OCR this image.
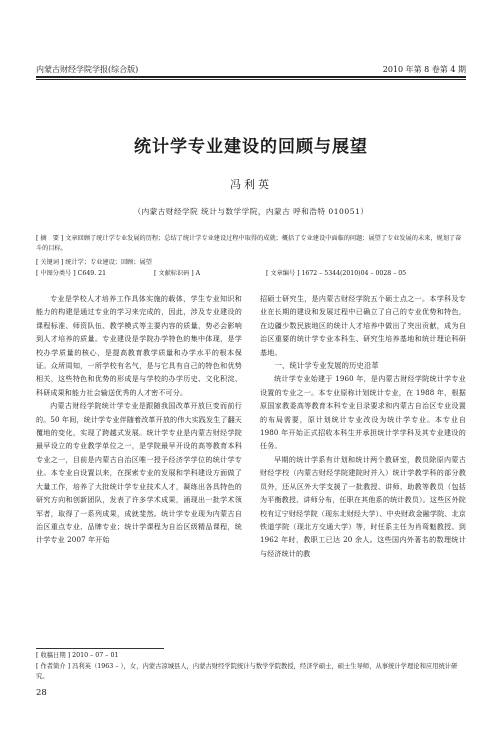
内蒙古财经学院学报(综合版)	2010 年第 8 卷第 4 期
统计学专业建设的回顾与展望
冯利英
（内蒙古财经学院 统计与数学学院，内蒙古 呼和浩特 010051）
[ 摘　要 ] 文章回顾了统计学专业发展的历程；总结了统计学专业建设过程中取得的成就；概括了专业建设中面临的问题；展望了专业发展的未来，规划了奋斗的目标。
[ 关键词 ] 统计学；专业建设；回顾；展望
[ 中图分类号 ] C649. 21	[ 文献标识码 ] A	[ 文章编号 ] 1672 – 5344(2010)04 – 0028 – 05

专业是学校人才培养工作具体实施的载体，学生专业知识和能力的构建是通过专业的学习来完成的，因此，涉及专业建设的课程标准、师资队伍、教学模式等主要内容的质量，势必会影响到人才培养的质量。专业建设是学院办学特色的集中体现，是学校办学质量的核心，是提高教育教学质量和办学水平的根本保证。众所周知，一所学校有名气，是与它具有自己的特色和优势相关，这些特色和优势的形成是与学校的办学历史、文化积淀、科研成果和能力社会输送优秀的人才密不可分。

内蒙古财经学院统计学专业是跟随我国改革开放巨变而前行的。50 年间，统计学专业伴随着改革开放的伟大实践发生了翻天覆地的变化，实现了跨越式发展。统计学专业是内蒙古财经学院最早设立的专业教学单位之一，是学院最早开设的高等教育本科专业之一，目前是内蒙古自治区唯一授予经济学学位的统计学专业。本专业自设置以来，在探索专业的发展和学科建设方面做了大量工作，培养了大批统计学专业技术人才，凝练出各具特色的研究方向和创新团队，发表了许多学术成果，涌现出一批学术领军者，取得了一系列成果，成就斐然。统计学专业现为内蒙古自治区重点专业、品牌专业；统计学课程为自治区级精品课程，统计学专业 2007 年开始

招硕士研究生，是内蒙古财经学院五个硕士点之一。本学科及专业在长期的建设和发展过程中已确立了自己的专业优势和特色，在边疆少数民族地区的统计人才培养中做出了突出贡献，成为自治区重要的统计学专业本科生、研究生培养基地和统计理论科研基地。

一、统计学专业发展的历史沿革

统计学专业始建于 1960 年，是内蒙古财经学院统计学专业设置的专业之一。本专业原称计划统计专业，在 1988 年，根据原国家教委高等教育本科专业目录要求和内蒙古自治区专业设置的布局需要，原计划统计专业改设为统计学专业。本专业自 1980 年开始正式招收本科生并承担统计学学科及其专业建设的任务。

早期的统计学系有计划和统计两个教研室，教员除原内蒙古财经学校（内蒙古财经学院建院时并入）统计学教学科的部分教员外，还从区外大学支援了一批教授、讲师、助教等教员（包括为平衡教授、讲师分布，任职在其他系的统计教员）。这些区外院校有辽宁财经学院（现东北财经大学）、中央财政金融学院、北京铁道学院（现北方交通大学）等，时任系主任为肖鸾魁教授。到 1962 年时，教职工已达 20 余人。这些国内外著名的数理统计与经济统计的教

[ 收稿日期 ] 2010 – 07 – 01
[ 作者简介 ] 冯利英（1963 – ），女，内蒙古凉城县人，内蒙古财经学院统计与数学学院教授，经济学硕士，硕士生导师，从事统计学理论和应用统计研究。
28
